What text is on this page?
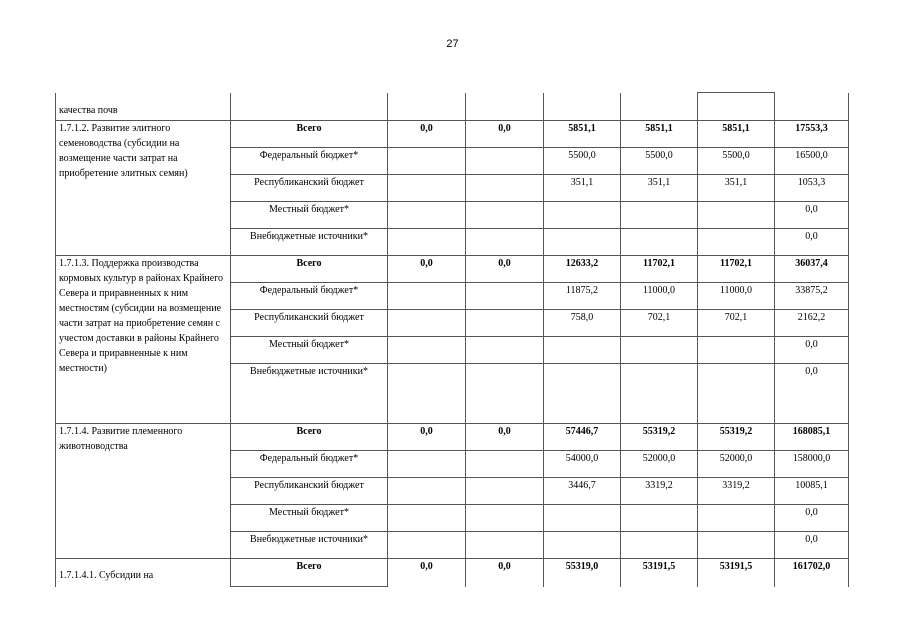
27
качества почв							
1.7.1.2. Развитие элитного семеноводства (субсидии на возмещение части затрат на приобретение элитных семян)	Всего	0,0	0,0	5851,1	5851,1	5851,1	17553,3
	Федеральный бюджет*			5500,0	5500,0	5500,0	16500,0
	Республиканский бюджет			351,1	351,1	351,1	1053,3
	Местный бюджет*						0,0
	Внебюджетные источники*						0,0
1.7.1.3. Поддержка производства кормовых культур в районах Крайнего Севера и приравненных к ним местностям (субсидии на возмещение части затрат на приобретение семян с учестом доставки в районы Крайнего Севера и приравненные к ним местности)	Всего	0,0	0,0	12633,2	11702,1	11702,1	36037,4
	Федеральный бюджет*			11875,2	11000,0	11000,0	33875,2
	Республиканский бюджет			758,0	702,1	702,1	2162,2
	Местный бюджет*						0,0
	Внебюджетные источники*						0,0
1.7.1.4. Развитие племенного животноводства	Всего	0,0	0,0	57446,7	55319,2	55319,2	168085,1
	Федеральный бюджет*			54000,0	52000,0	52000,0	158000,0
	Республиканский бюджет			3446,7	3319,2	3319,2	10085,1
	Местный бюджет*						0,0
	Внебюджетные источники*						0,0
1.7.1.4.1. Субсидии на	Всего	0,0	0,0	55319,0	53191,5	53191,5	161702,0
